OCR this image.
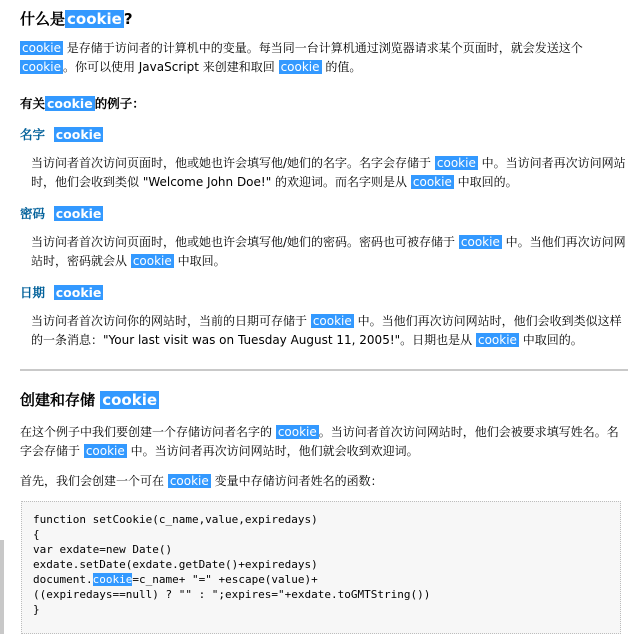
什么是 cookie ?

cookie 是存储于访问者的计算机中的变量。每当同一台计算机通过浏览器请求某个页面时，就会发送这个cookie 。你可以使用 JavaScript 来创建和取回 cookie 的值。

有关 cookie 的例子：
名字 cookie

当访问者首次访问页面时，他或她也许会填写他/她们的名字。名字会存储于 cookie 中。当访问者再次访问网站时，他们会收到类似 "Welcome John Doe!" 的欢迎词。而名字则是从 cookie 中取回的。

密码 cookie

当访问者首次访问页面时，他或她也许会填写他/她们的密码。密码也可被存储于 cookie 中。当他们再次访问网站时，密码就会从 cookie 中取回。

日期 cookie

当访问者首次访问你的网站时，当前的日期可存储于 cookie 中。当他们再次访问网站时，他们会收到类似这样的一条消息："Your last visit was on Tuesday August 11, 2005!"。日期也是从 cookie 中取回的。

创建和存储 cookie

在这个例子中我们要创建一个存储访问者名字的 cookie 。当访问者首次访问网站时，他们会被要求填写姓名。名字会存储于 cookie 中。当访问者再次访问网站时，他们就会收到欢迎词。

首先，我们会创建一个可在 cookie 变量中存储访问者姓名的函数：

function setCookie(c_name,value,expiredays)
{
var exdate=new Date()
exdate.setDate(exdate.getDate()+expiredays)
document.cookie=c_name+ "=" +escape(value)+
((expiredays==null) ? "" : ";expires="+exdate.toGMTString())
}
